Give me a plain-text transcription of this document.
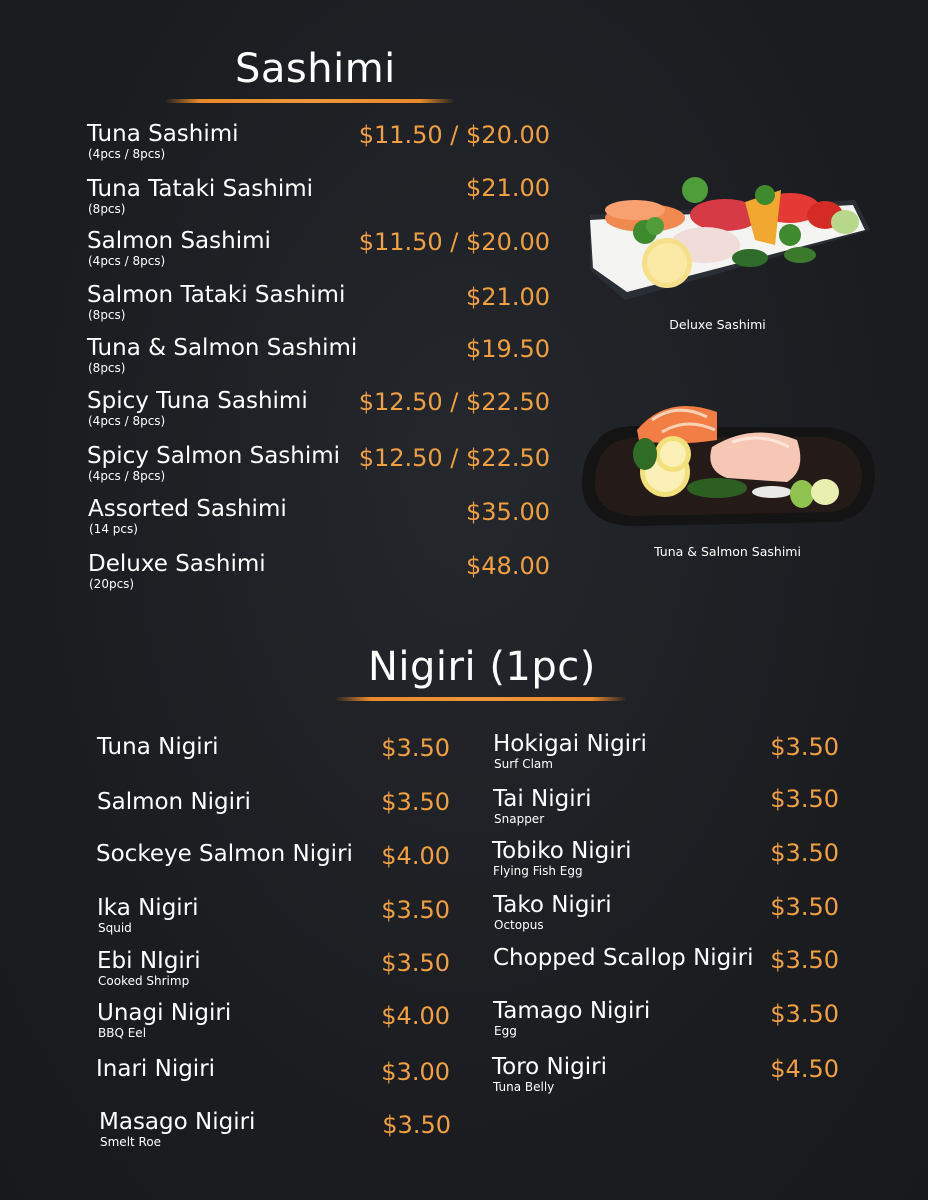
Sashimi
Tuna Sashimi
(4pcs / 8pcs)
$11.50 / $20.00
Tuna Tataki Sashimi
(8pcs)
$21.00
Salmon Sashimi
(4pcs / 8pcs)
$11.50 / $20.00
Salmon Tataki Sashimi
(8pcs)
$21.00
Tuna & Salmon Sashimi
(8pcs)
$19.50
Spicy Tuna Sashimi
(4pcs / 8pcs)
$12.50 / $22.50
Spicy Salmon Sashimi
(4pcs / 8pcs)
$12.50 / $22.50
Assorted Sashimi
(14 pcs)
$35.00
Deluxe Sashimi
(20pcs)
$48.00
Deluxe Sashimi
Tuna & Salmon Sashimi
Nigiri (1pc)
Tuna Nigiri	$3.50
Salmon Nigiri	$3.50
Sockeye Salmon Nigiri $4.00
Ika Nigiri
Squid
$3.50
Ebi NIgiri
Cooked Shrimp
$3.50
Unagi Nigiri
BBQ Eel
$4.00
Inari Nigiri	$3.00
Masago Nigiri
Smelt Roe
$3.50
Hokigai Nigiri
Surf Clam
$3.50
Tai Nigiri
Snapper
$3.50
Tobiko Nigiri
Flying Fish Egg
$3.50
Tako Nigiri
Octopus
$3.50
Chopped Scallop Nigiri $3.50
Tamago Nigiri
Egg
$3.50
Toro Nigiri
Tuna Belly
$4.50
